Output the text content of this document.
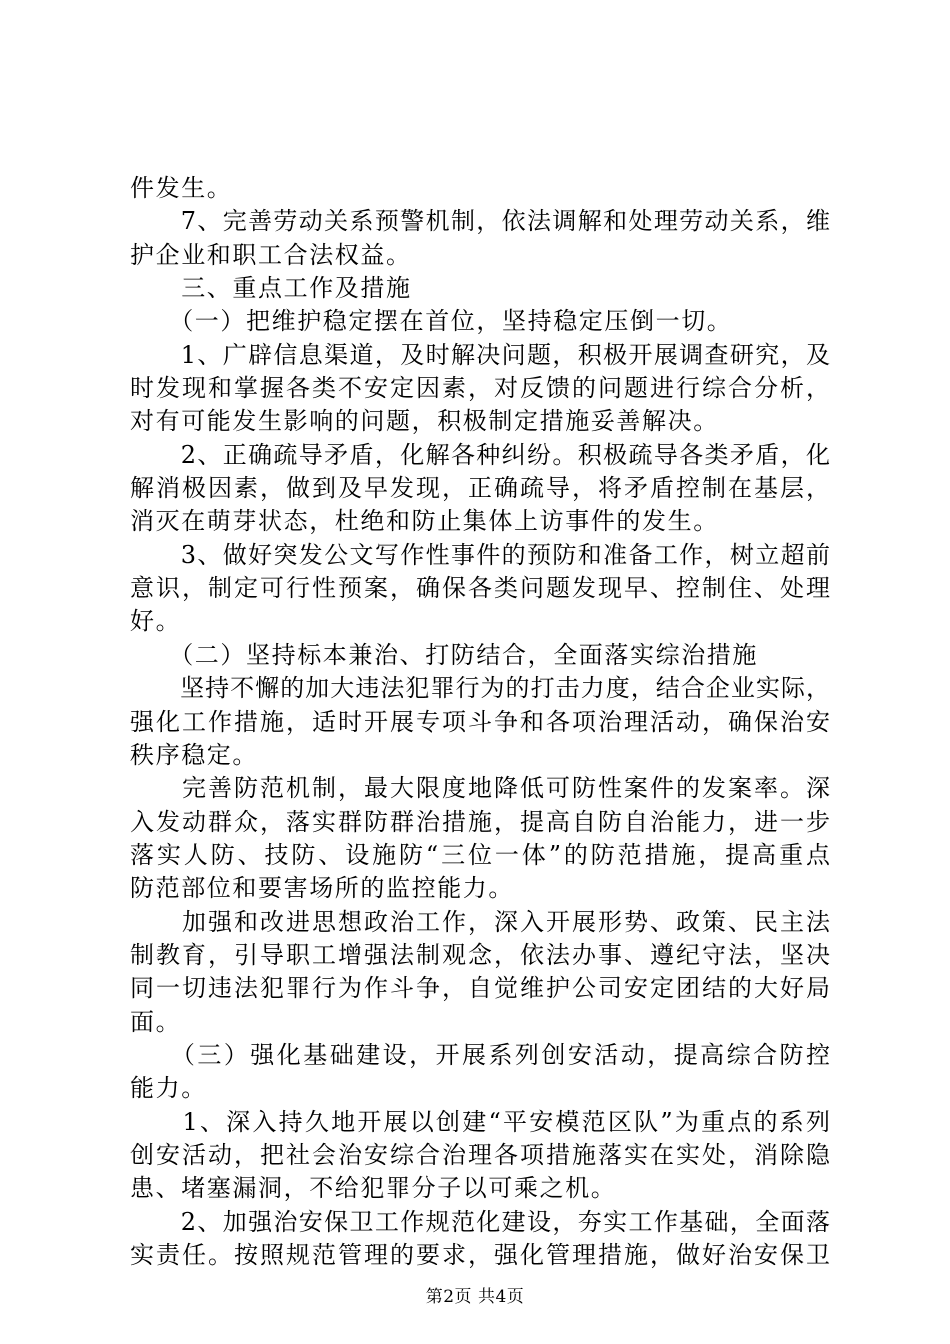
件发生。
　　7、完善劳动关系预警机制，依法调解和处理劳动关系，维
护企业和职工合法权益。
　　三、重点工作及措施
　　（一）把维护稳定摆在首位，坚持稳定压倒一切。
　　1、广辟信息渠道，及时解决问题，积极开展调查研究，及
时发现和掌握各类不安定因素，对反馈的问题进行综合分析，
对有可能发生影响的问题，积极制定措施妥善解决。
　　2、正确疏导矛盾，化解各种纠纷。积极疏导各类矛盾，化
解消极因素，做到及早发现，正确疏导，将矛盾控制在基层，
消灭在萌芽状态，杜绝和防止集体上访事件的发生。
　　3、做好突发公文写作性事件的预防和准备工作，树立超前
意识，制定可行性预案，确保各类问题发现早、控制住、处理
好。
　　（二）坚持标本兼治、打防结合，全面落实综治措施
　　坚持不懈的加大违法犯罪行为的打击力度，结合企业实际，
强化工作措施，适时开展专项斗争和各项治理活动，确保治安
秩序稳定。
　　完善防范机制，最大限度地降低可防性案件的发案率。深
入发动群众，落实群防群治措施，提高自防自治能力，进一步
落实人防、技防、设施防“三位一体”的防范措施，提高重点
防范部位和要害场所的监控能力。
　　加强和改进思想政治工作，深入开展形势、政策、民主法
制教育，引导职工增强法制观念，依法办事、遵纪守法，坚决
同一切违法犯罪行为作斗争，自觉维护公司安定团结的大好局
面。
　　（三）强化基础建设，开展系列创安活动，提高综合防控
能力。
　　1、深入持久地开展以创建“平安模范区队”为重点的系列
创安活动，把社会治安综合治理各项措施落实在实处，消除隐
患、堵塞漏洞，不给犯罪分子以可乘之机。
　　2、加强治安保卫工作规范化建设，夯实工作基础，全面落
实责任。按照规范管理的要求，强化管理措施，做好治安保卫
第2页 共4页
